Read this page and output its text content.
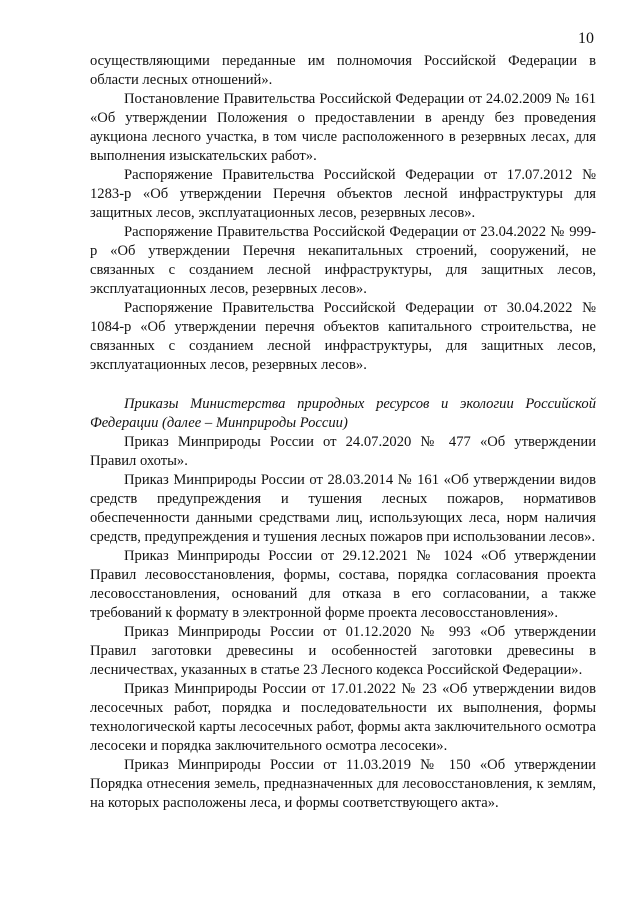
10

осуществляющими переданные им полномочия Российской Федерации в области лесных отношений».

Постановление Правительства Российской Федерации от 24.02.2009 № 161 «Об утверждении Положения о предоставлении в аренду без проведения аукциона лесного участка, в том числе расположенного в резервных лесах, для выполнения изыскательских работ».

Распоряжение Правительства Российской Федерации от 17.07.2012 № 1283-р «Об утверждении Перечня объектов лесной инфраструктуры для защитных лесов, эксплуатационных лесов, резервных лесов».

Распоряжение Правительства Российской Федерации от 23.04.2022 № 999-р «Об утверждении Перечня некапитальных строений, сооружений, не связанных с созданием лесной инфраструктуры, для защитных лесов, эксплуатационных лесов, резервных лесов».

Распоряжение Правительства Российской Федерации от 30.04.2022 № 1084-р «Об утверждении перечня объектов капитального строительства, не связанных с созданием лесной инфраструктуры, для защитных лесов, эксплуатационных лесов, резервных лесов».

Приказы Министерства природных ресурсов и экологии Российской Федерации (далее – Минприроды России)

Приказ Минприроды России от 24.07.2020 № 477 «Об утверждении Правил охоты».

Приказ Минприроды России от 28.03.2014 № 161 «Об утверждении видов средств предупреждения и тушения лесных пожаров, нормативов обеспеченности данными средствами лиц, использующих леса, норм наличия средств, предупреждения и тушения лесных пожаров при использовании лесов».

Приказ Минприроды России от 29.12.2021 № 1024 «Об утверждении Правил лесовосстановления, формы, состава, порядка согласования проекта лесовосстановления, оснований для отказа в его согласовании, а также требований к формату в электронной форме проекта лесовосстановления».

Приказ Минприроды России от 01.12.2020 № 993 «Об утверждении Правил заготовки древесины и особенностей заготовки древесины в лесничествах, указанных в статье 23 Лесного кодекса Российской Федерации».

Приказ Минприроды России от 17.01.2022 № 23 «Об утверждении видов лесосечных работ, порядка и последовательности их выполнения, формы технологической карты лесосечных работ, формы акта заключительного осмотра лесосеки и порядка заключительного осмотра лесосеки».

Приказ Минприроды России от 11.03.2019 № 150 «Об утверждении Порядка отнесения земель, предназначенных для лесовосстановления, к землям, на которых расположены леса, и формы соответствующего акта».
